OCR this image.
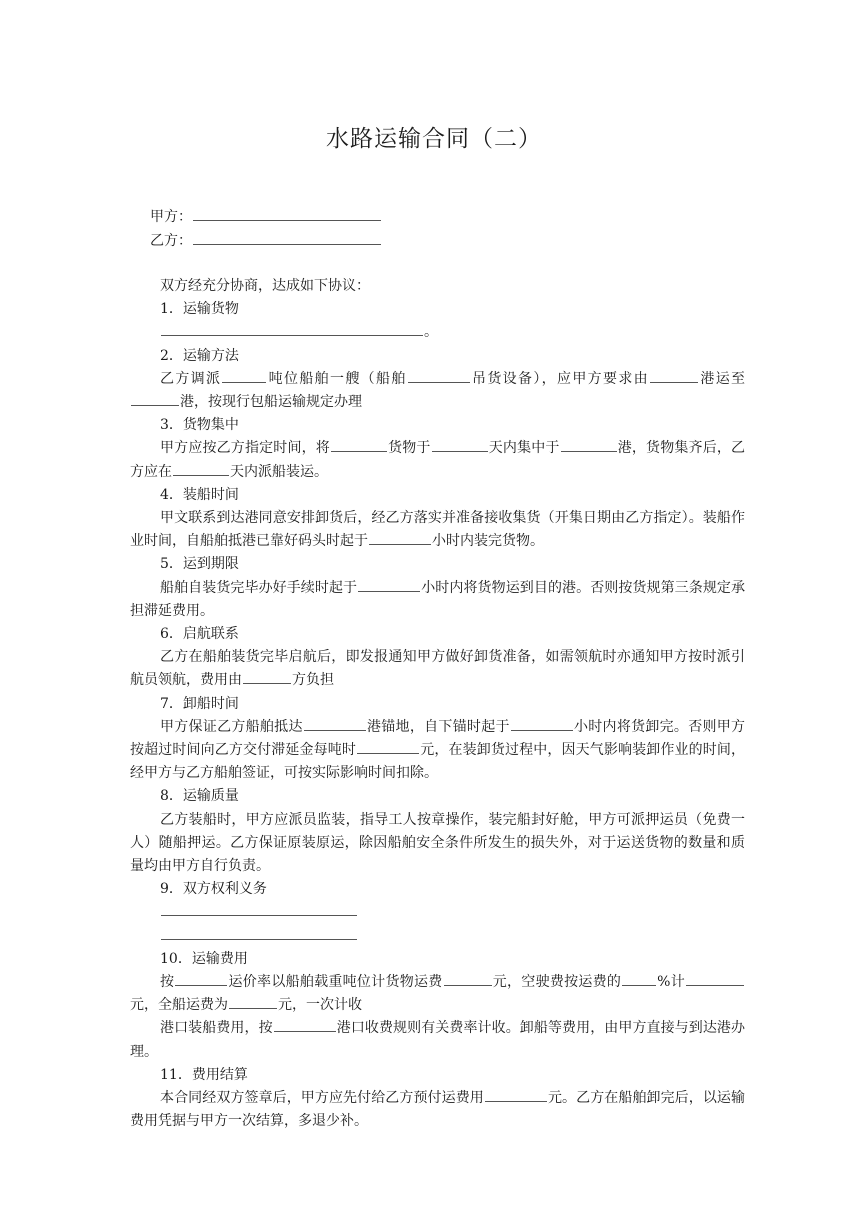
水路运输合同（二）
甲方：
乙方：

双方经充分协商，达成如下协议：

1．运输货物

。

2．运输方法

乙方调派	吨位船舶一艘（船舶	吊货设备），应甲方要求由	港运至港，按现行包船运输规定办理

3．货物集中

甲方应按乙方指定时间，将	货物于	天内集中于	港，货物集齐后，乙方应在	天内派船装运。

4．装船时间

甲文联系到达港同意安排卸货后，经乙方落实并准备接收集货（开集日期由乙方指定）。装船作业时间，自船舶抵港已靠好码头时起于	小时内装完货物。

5．运到期限

船舶自装货完毕办好手续时起于	小时内将货物运到目的港。否则按货规第三条规定承担滞延费用。

6．启航联系

乙方在船舶装货完毕启航后，即发报通知甲方做好卸货准备，如需领航时亦通知甲方按时派引航员领航，费用由	方负担

7．卸船时间

甲方保证乙方船舶抵达	港锚地，自下锚时起于	小时内将货卸完。否则甲方按超过时间向乙方交付滞延金每吨时	元，在装卸货过程中，因天气影响装卸作业的时间，经甲方与乙方船舶签证，可按实际影响时间扣除。

8．运输质量

乙方装船时，甲方应派员监装，指导工人按章操作，装完船封好舱，甲方可派押运员（免费一人）随船押运。乙方保证原装原运，除因船舶安全条件所发生的损失外，对于运送货物的数量和质量均由甲方自行负责。

9．双方权利义务

10．运输费用

按	运价率以船舶载重吨位计货物运费	元，空驶费按运费的	%计元，全船运费为	元，一次计收

港口装船费用，按	港口收费规则有关费率计收。卸船等费用，由甲方直接与到达港办理。

11．费用结算

本合同经双方签章后，甲方应先付给乙方预付运费用	元。乙方在船舶卸完后，以运输费用凭据与甲方一次结算，多退少补。
